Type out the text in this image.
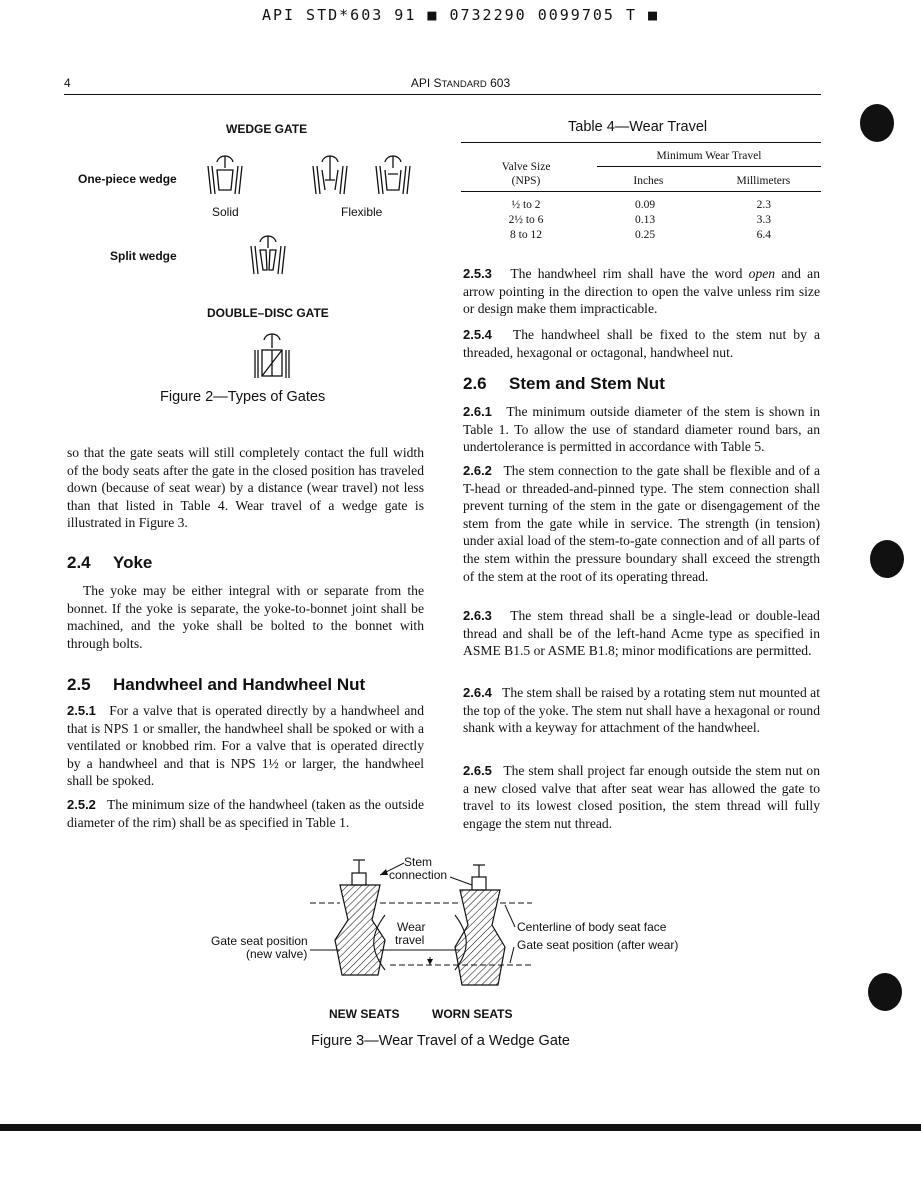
API STD*603 91 ■ 0732290 0099705 T ■
4	API STANDARD 603
WEDGE GATE
One-piece wedge
Solid	Flexible
Split wedge
DOUBLE–DISC GATE
Figure 2—Types of Gates

so that the gate seats will still completely contact the full width of the body seats after the gate in the closed position has traveled down (because of seat wear) by a distance (wear travel) not less than that listed in Table 4. Wear travel of a wedge gate is illustrated in Figure 3.

2.4 Yoke

The yoke may be either integral with or separate from the bonnet. If the yoke is separate, the yoke-to-bonnet joint shall be machined, and the yoke shall be bolted to the bonnet with through bolts.

2.5 Handwheel and Handwheel Nut

2.5.1 For a valve that is operated directly by a handwheel and that is NPS 1 or smaller, the handwheel shall be spoked or with a ventilated or knobbed rim. For a valve that is operated directly by a handwheel and that is NPS 1½ or larger, the handwheel shall be spoked.

2.5.2 The minimum size of the handwheel (taken as the outside diameter of the rim) shall be as specified in Table 1.

Table 4—Wear Travel
Valve Size
(NPS)	Minimum Wear Travel	

	Inches	Millimeters

½ to 2	0.09	2.3
2½ to 6	0.13	3.3
8 to 12	0.25	6.4

2.5.3 The handwheel rim shall have the word open and an arrow pointing in the direction to open the valve unless rim size or design make them impracticable.

2.5.4 The handwheel shall be fixed to the stem nut by a threaded, hexagonal or octagonal, handwheel nut.

2.6 Stem and Stem Nut

2.6.1 The minimum outside diameter of the stem is shown in Table 1. To allow the use of standard diameter round bars, an undertolerance is permitted in accordance with Table 5.

2.6.2 The stem connection to the gate shall be flexible and of a T-head or threaded-and-pinned type. The stem connection shall prevent turning of the stem in the gate or disengagement of the stem from the gate while in service. The strength (in tension) under axial load of the stem-to-gate connection and of all parts of the stem within the pressure boundary shall exceed the strength of the stem at the root of its operating thread.

2.6.3 The stem thread shall be a single-lead or double-lead thread and shall be of the left-hand Acme type as specified in ASME B1.5 or ASME B1.8; minor modifications are permitted.

2.6.4 The stem shall be raised by a rotating stem nut mounted at the top of the yoke. The stem nut shall have a hexagonal or round shank with a keyway for attachment of the handwheel.

2.6.5 The stem shall project far enough outside the stem nut on a new closed valve that after seat wear has allowed the gate to travel to its lowest closed position, the stem thread will fully engage the stem nut thread.

Stem
connection
Wear
travel
Gate seat position
(new valve)
Centerline of body seat face
Gate seat position (after wear)
NEW SEATS	WORN SEATS
Figure 3—Wear Travel of a Wedge Gate
